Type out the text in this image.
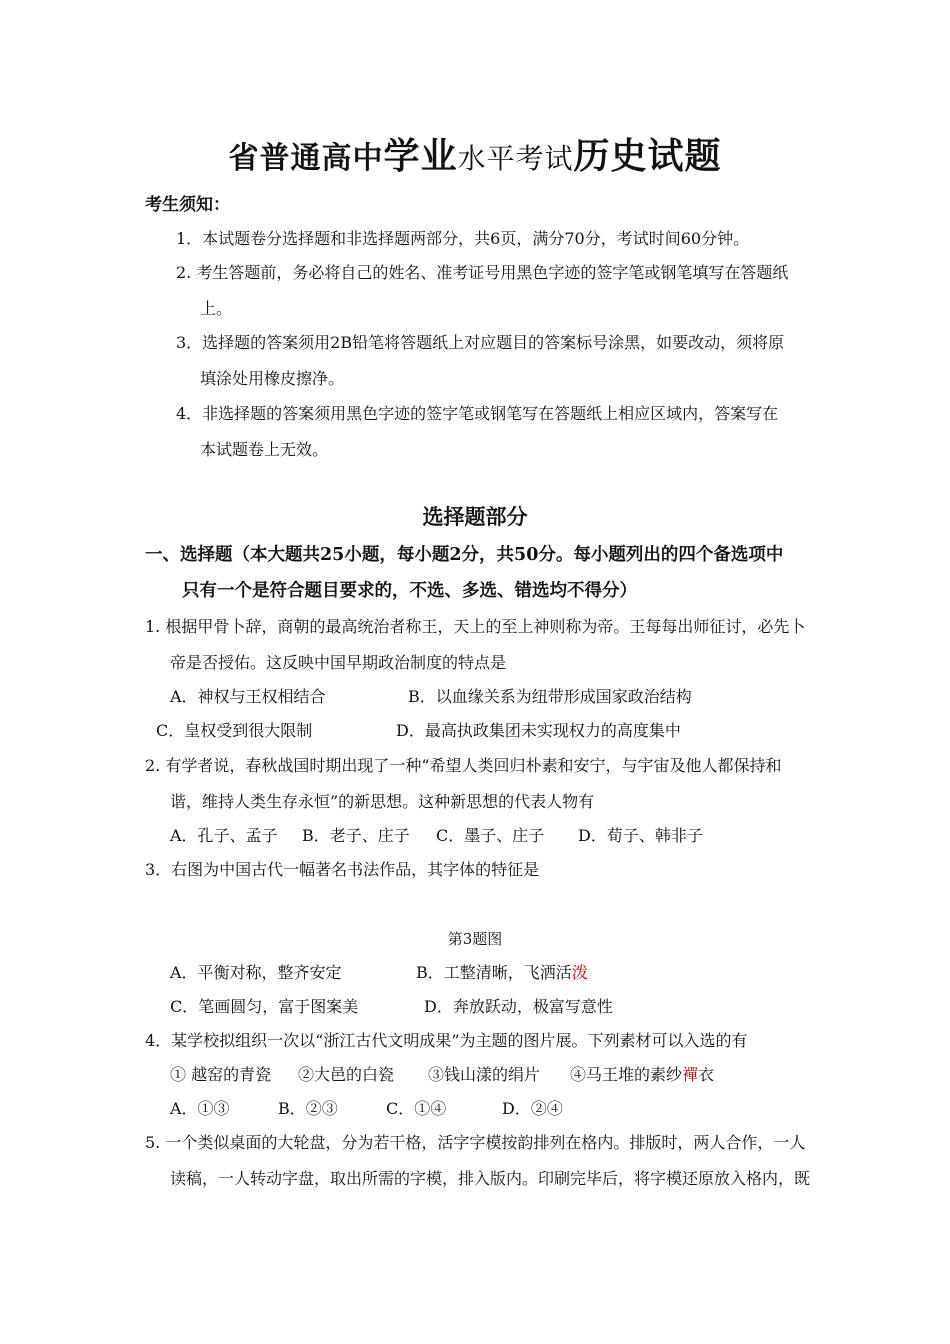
省普通高中学业水平考试历史试题
考生须知：
1．本试题卷分选择题和非选择题两部分，共6页，满分70分，考试时间60分钟。
2. 考生答题前，务必将自己的姓名、准考证号用黑色字迹的签字笔或钢笔填写在答题纸
上。
3．选择题的答案须用2B铅笔将答题纸上对应题目的答案标号涂黑，如要改动，须将原
填涂处用橡皮擦净。
4．非选择题的答案须用黑色字迹的签字笔或钢笔写在答题纸上相应区域内，答案写在
本试题卷上无效。
选择题部分
一、选择题（本大题共25小题，每小题2分，共50分。每小题列出的四个备选项中
只有一个是符合题目要求的，不选、多选、错选均不得分）
1. 根据甲骨卜辞，商朝的最高统治者称王，天上的至上神则称为帝。王每每出师征讨，必先卜
帝是否授佑。这反映中国早期政治制度的特点是
A．神权与王权相结合	B．以血缘关系为纽带形成国家政治结构
C．皇权受到很大限制	D．最高执政集团未实现权力的高度集中
2. 有学者说，春秋战国时期出现了一种“希望人类回归朴素和安宁，与宇宙及他人都保持和
谐，维持人类生存永恒”的新思想。这种新思想的代表人物有
A．孔子、孟子 B．老子、庄子 C．墨子、庄子 D．荀子、韩非子
3．右图为中国古代一幅著名书法作品，其字体的特征是
第3题图
A．平衡对称，整齐安定	B．工整清晰，飞洒活泼
C．笔画圆匀，富于图案美	D．奔放跃动，极富写意性
4．某学校拟组织一次以“浙江古代文明成果”为主题的图片展。下列素材可以入选的有
① 越窑的青瓷 ②大邑的白瓷 ③钱山漾的绢片 ④马王堆的素纱襌衣
A．①③	B．②③	C．①④	D．②④
5. 一个类似桌面的大轮盘，分为若干格，活字字模按韵排列在格内。排版时，两人合作，一人
读稿，一人转动字盘，取出所需的字模，排入版内。印刷完毕后，将字模还原放入格内，既
